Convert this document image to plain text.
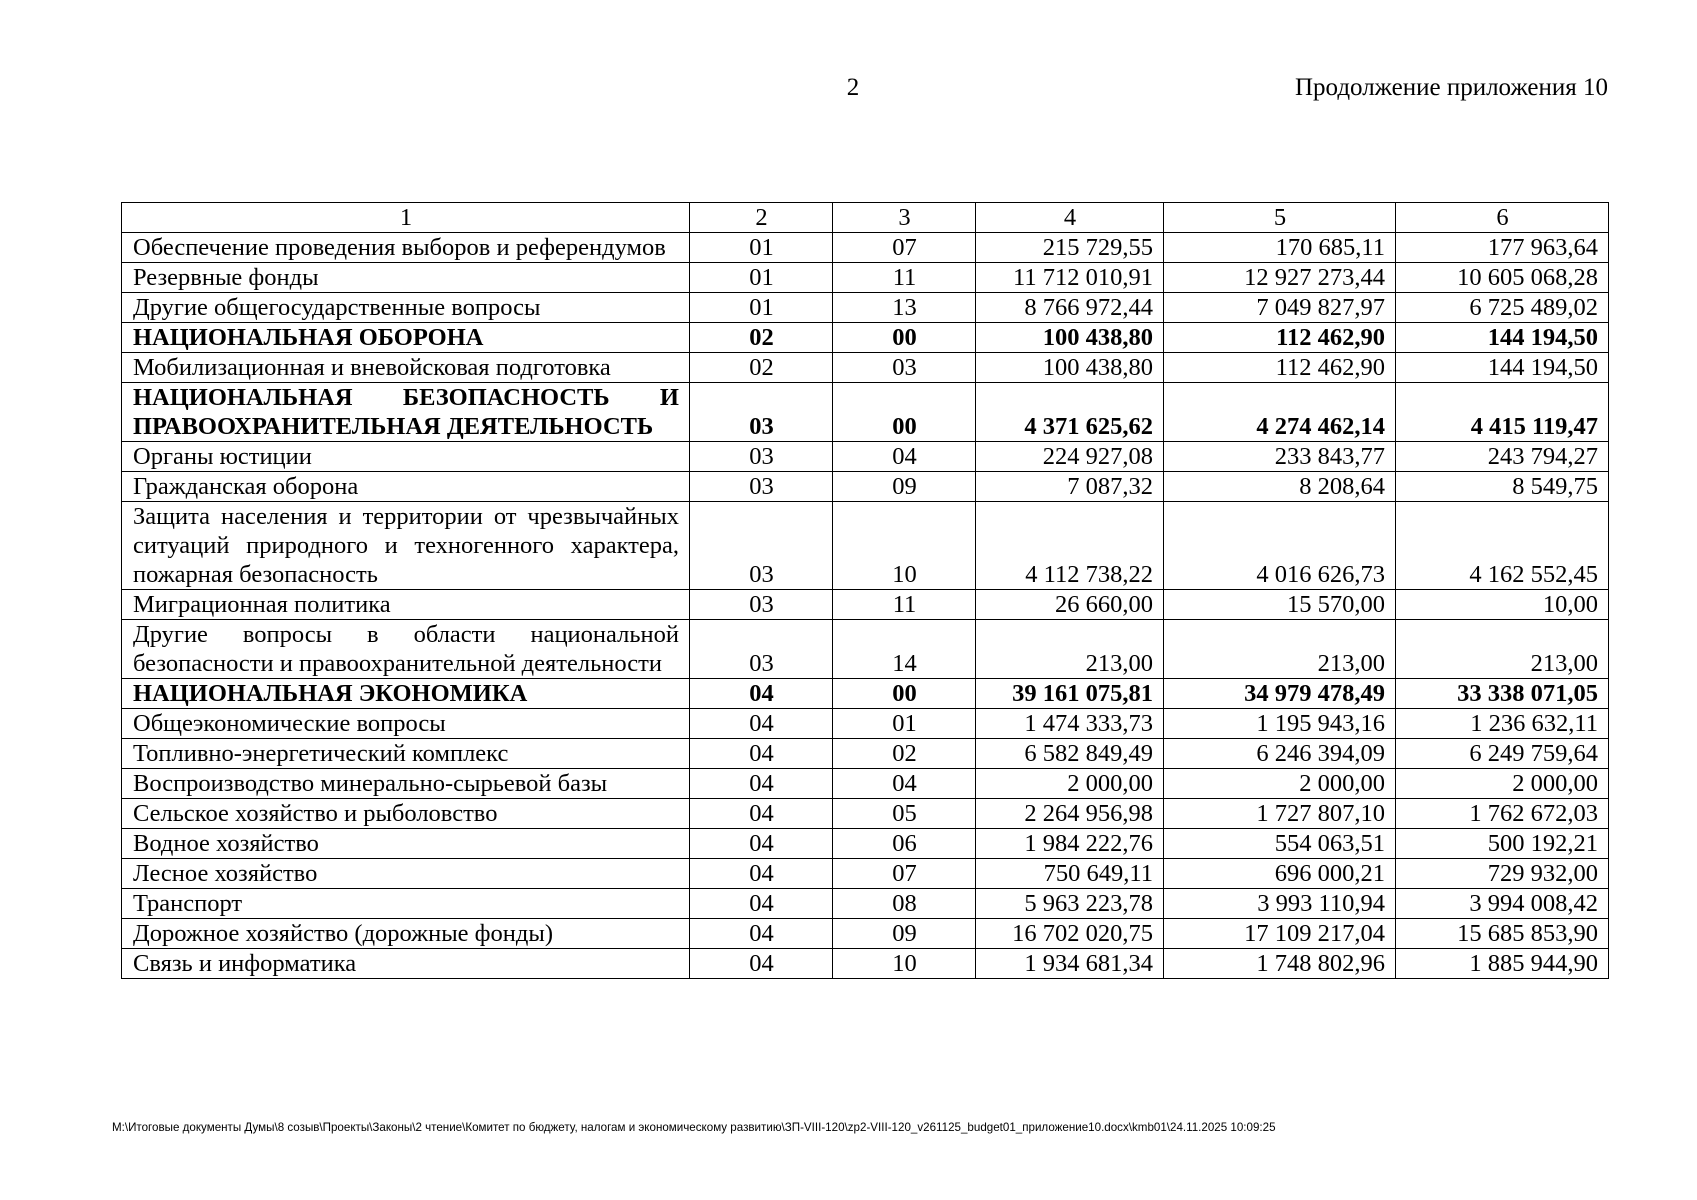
2	Продолжение приложения 10
1	2	3	4	5	6
Обеспечение проведения выборов и референдумов	01	07	215 729,55	170 685,11	177 963,64
Резервные фонды	01	11	11 712 010,91	12 927 273,44	10 605 068,28
Другие общегосударственные вопросы	01	13	8 766 972,44	7 049 827,97	6 725 489,02
НАЦИОНАЛЬНАЯ ОБОРОНА	02	00	100 438,80	112 462,90	144 194,50
Мобилизационная и вневойсковая подготовка	02	03	100 438,80	112 462,90	144 194,50
НАЦИОНАЛЬНАЯ БЕЗОПАСНОСТЬ И ПРАВООХРАНИТЕЛЬНАЯ ДЕЯТЕЛЬНОСТЬ	03	00	4 371 625,62	4 274 462,14	4 415 119,47
Органы юстиции	03	04	224 927,08	233 843,77	243 794,27
Гражданская оборона	03	09	7 087,32	8 208,64	8 549,75
Защита населения и территории от чрезвычайных ситуаций природного и техногенного характера, пожарная безопасность	03	10	4 112 738,22	4 016 626,73	4 162 552,45
Миграционная политика	03	11	26 660,00	15 570,00	10,00
Другие вопросы в области национальной безопасности и правоохранительной деятельности	03	14	213,00	213,00	213,00
НАЦИОНАЛЬНАЯ ЭКОНОМИКА	04	00	39 161 075,81	34 979 478,49	33 338 071,05
Общеэкономические вопросы	04	01	1 474 333,73	1 195 943,16	1 236 632,11
Топливно-энергетический комплекс	04	02	6 582 849,49	6 246 394,09	6 249 759,64
Воспроизводство минерально-сырьевой базы	04	04	2 000,00	2 000,00	2 000,00
Сельское хозяйство и рыболовство	04	05	2 264 956,98	1 727 807,10	1 762 672,03
Водное хозяйство	04	06	1 984 222,76	554 063,51	500 192,21
Лесное хозяйство	04	07	750 649,11	696 000,21	729 932,00
Транспорт	04	08	5 963 223,78	3 993 110,94	3 994 008,42
Дорожное хозяйство (дорожные фонды)	04	09	16 702 020,75	17 109 217,04	15 685 853,90
Связь и информатика	04	10	1 934 681,34	1 748 802,96	1 885 944,90
M:\Итоговые документы Думы\8 созыв\Проекты\Законы\2 чтение\Комитет по бюджету, налогам и экономическому развитию\ЗП-VIII-120\zp2-VIII-120_v261125_budget01_приложение10.docx\kmb01\24.11.2025 10:09:25
